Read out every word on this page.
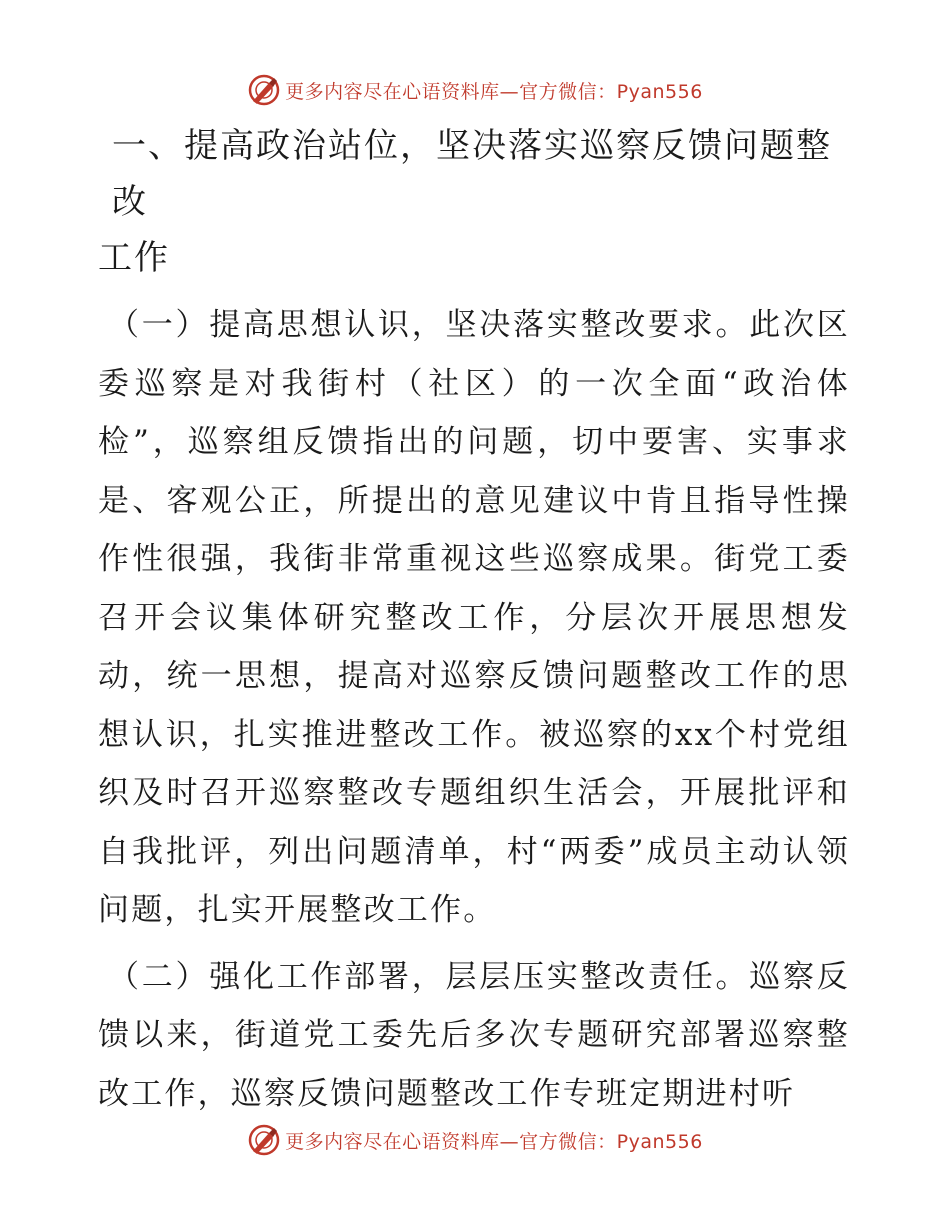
更多内容尽在心语资料库—官方微信：Pyan556
一、提高政治站位，坚决落实巡察反馈问题整改
工作

（一）提高思想认识，坚决落实整改要求。此次区委巡察是对我街村（社区）的一次全面“政治体检”，巡察组反馈指出的问题，切中要害、实事求是、客观公正，所提出的意见建议中肯且指导性操作性很强，我街非常重视这些巡察成果。街党工委召开会议集体研究整改工作，分层次开展思想发动，统一思想，提高对巡察反馈问题整改工作的思想认识，扎实推进整改工作。被巡察的xx个村党组织及时召开巡察整改专题组织生活会，开展批评和自我批评，列出问题清单，村“两委”成员主动认领问题，扎实开展整改工作。

（二）强化工作部署，层层压实整改责任。巡察反馈以来，街道党工委先后多次专题研究部署巡察整改工作，巡察反馈问题整改工作专班定期进村听

更多内容尽在心语资料库—官方微信：Pyan556
